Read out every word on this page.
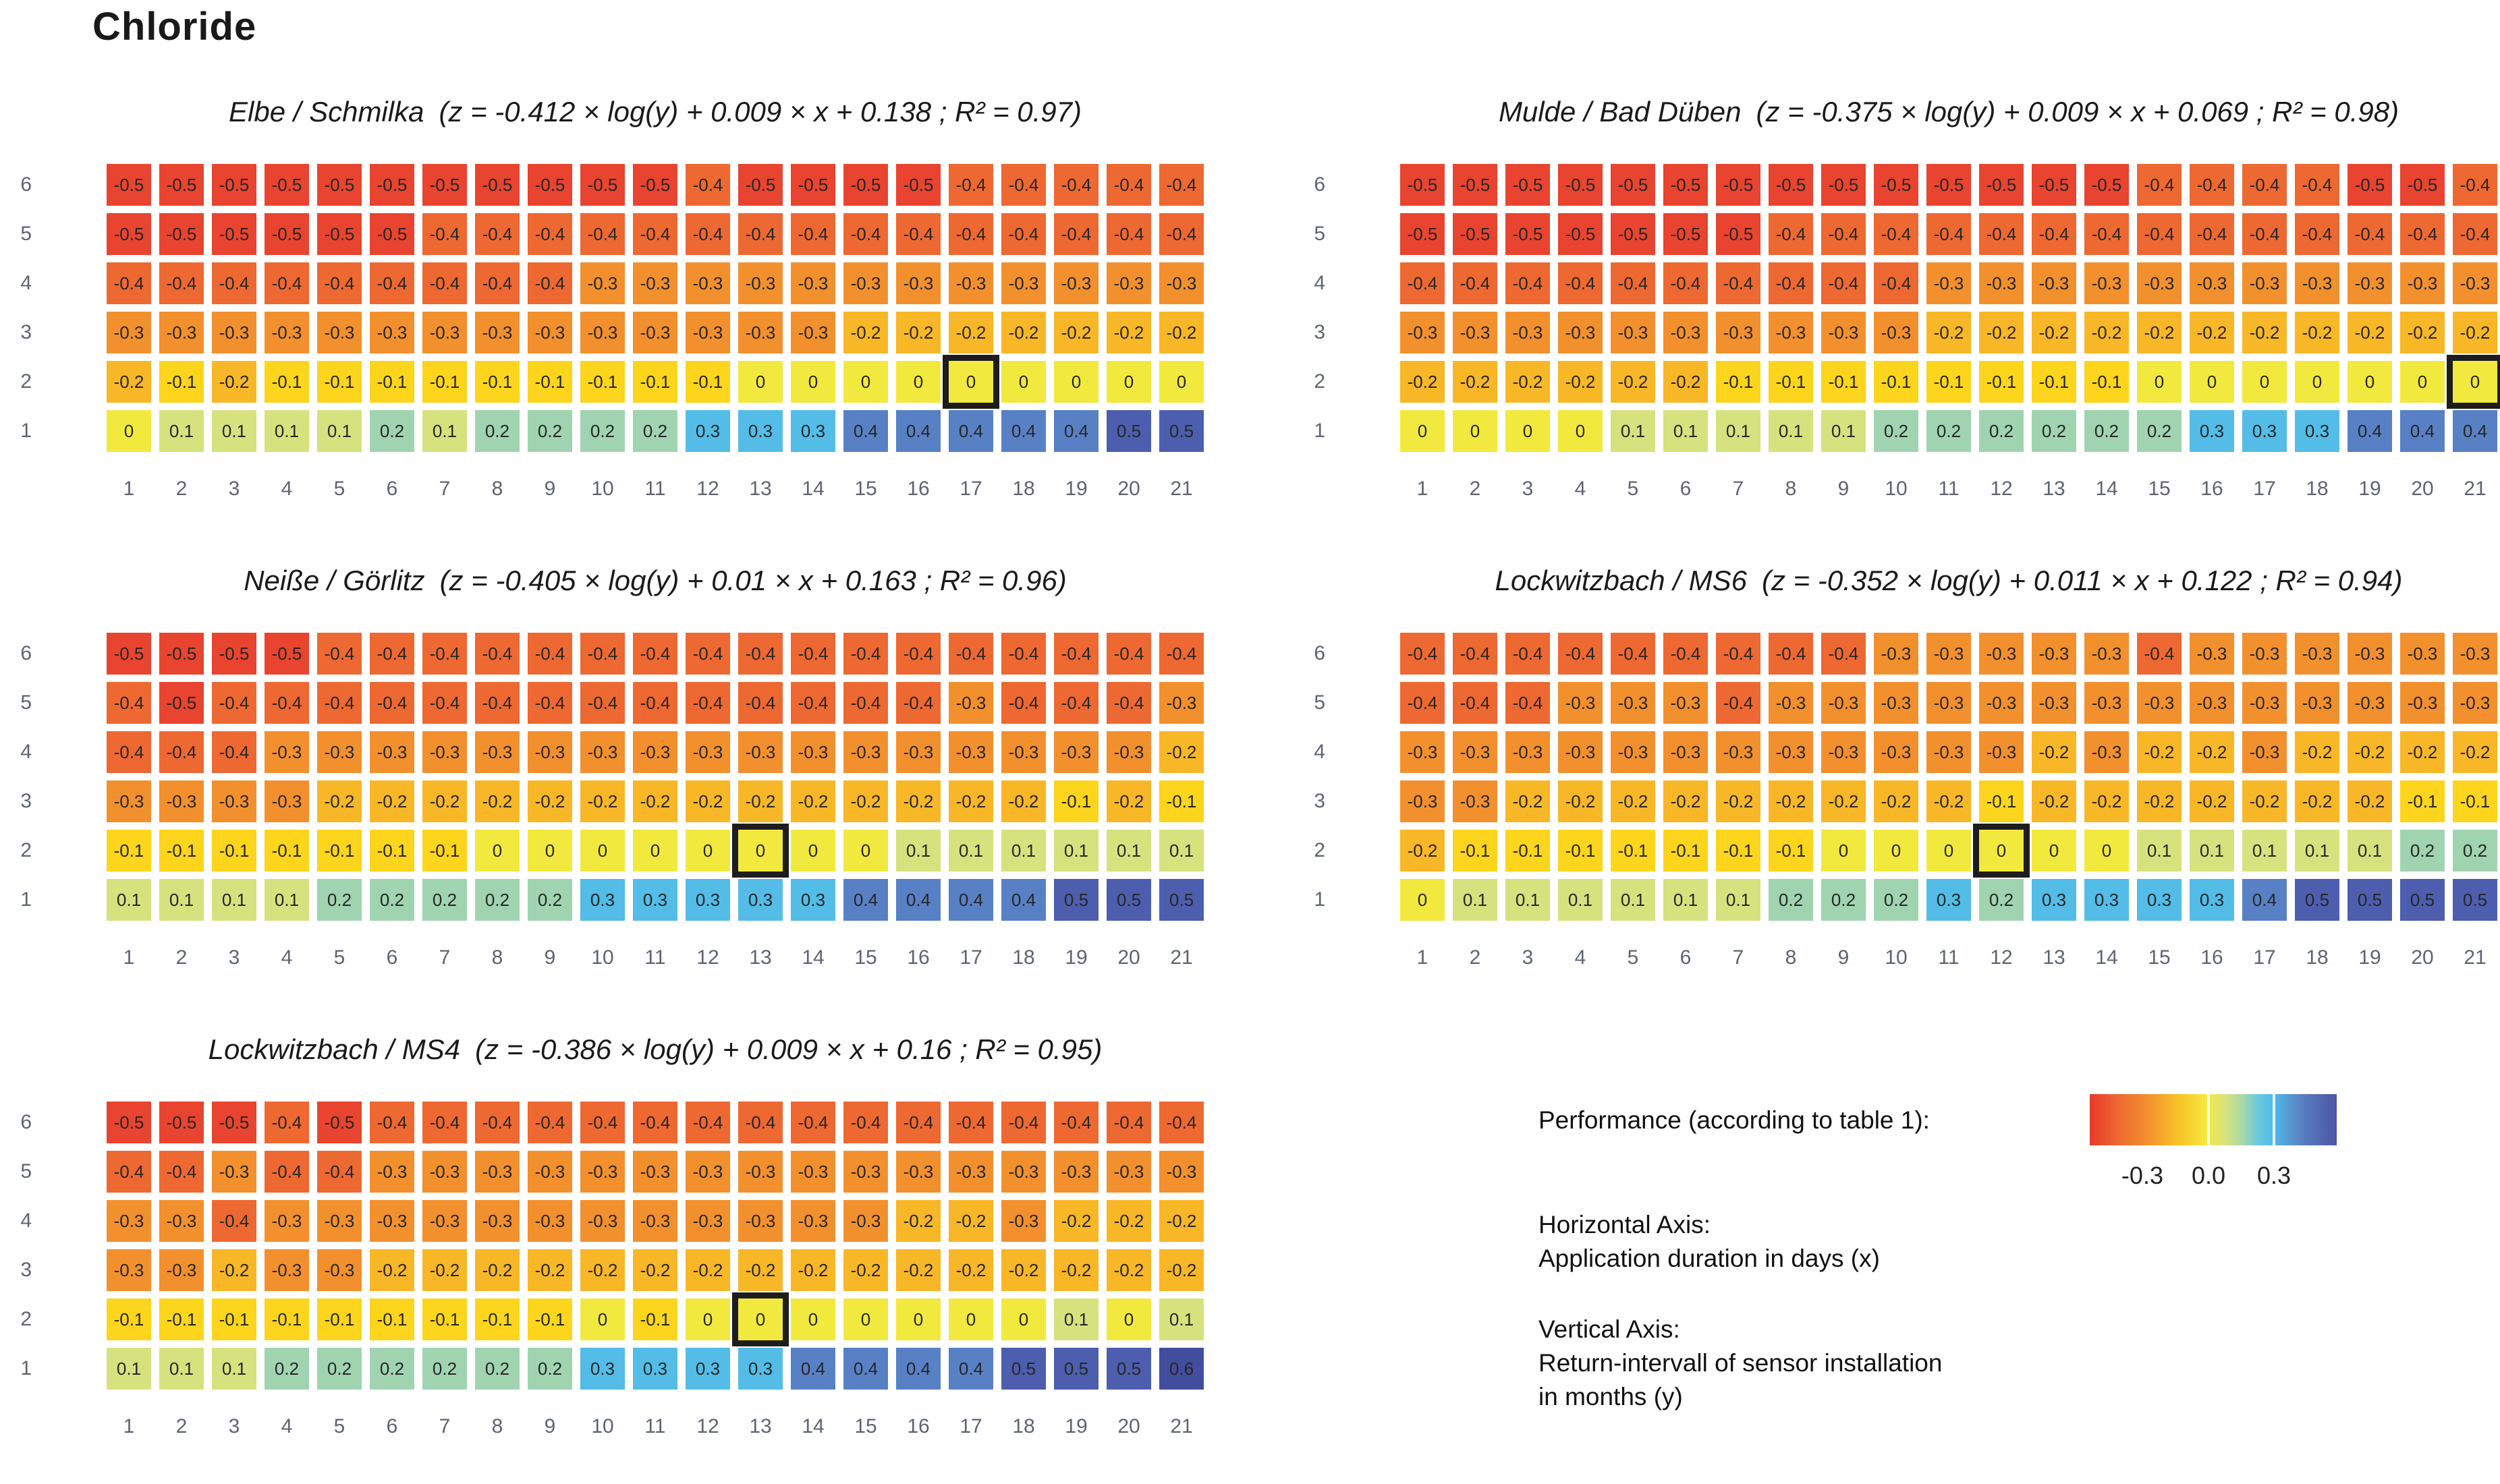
Chloride
Elbe / Schmilka (z = -0.412 × log(y) + 0.009 × x + 0.138 ; R² = 0.97)
6
5
4
3
2
1
-0.5	-0.5	-0.5	-0.5	-0.5	-0.5	-0.5	-0.5	-0.5	-0.5	-0.5	-0.4	-0.5	-0.5	-0.5	-0.5	-0.4	-0.4	-0.4	-0.4	-0.4
-0.5	-0.5	-0.5	-0.5	-0.5	-0.5	-0.4	-0.4	-0.4	-0.4	-0.4	-0.4	-0.4	-0.4	-0.4	-0.4	-0.4	-0.4	-0.4	-0.4	-0.4
-0.4	-0.4	-0.4	-0.4	-0.4	-0.4	-0.4	-0.4	-0.4	-0.3	-0.3	-0.3	-0.3	-0.3	-0.3	-0.3	-0.3	-0.3	-0.3	-0.3	-0.3
-0.3	-0.3	-0.3	-0.3	-0.3	-0.3	-0.3	-0.3	-0.3	-0.3	-0.3	-0.3	-0.3	-0.3	-0.2	-0.2	-0.2	-0.2	-0.2	-0.2	-0.2
-0.2	-0.1	-0.2	-0.1	-0.1	-0.1	-0.1	-0.1	-0.1	-0.1	-0.1	-0.1	0	0	0	0	0	0	0	0	0
0	0.1	0.1	0.1	0.1	0.2	0.1	0.2	0.2	0.2	0.2	0.3	0.3	0.3	0.4	0.4	0.4	0.4	0.4	0.5	0.5
1	2	3	4	5	6	7	8	9	10	11	12	13	14	15	16	17	18	19	20	21
Mulde / Bad Düben (z = -0.375 × log(y) + 0.009 × x + 0.069 ; R² = 0.98)
6
5
4
3
2
1
-0.5	-0.5	-0.5	-0.5	-0.5	-0.5	-0.5	-0.5	-0.5	-0.5	-0.5	-0.5	-0.5	-0.5	-0.4	-0.4	-0.4	-0.4	-0.5	-0.5	-0.4
-0.5	-0.5	-0.5	-0.5	-0.5	-0.5	-0.5	-0.4	-0.4	-0.4	-0.4	-0.4	-0.4	-0.4	-0.4	-0.4	-0.4	-0.4	-0.4	-0.4	-0.4
-0.4	-0.4	-0.4	-0.4	-0.4	-0.4	-0.4	-0.4	-0.4	-0.4	-0.3	-0.3	-0.3	-0.3	-0.3	-0.3	-0.3	-0.3	-0.3	-0.3	-0.3
-0.3	-0.3	-0.3	-0.3	-0.3	-0.3	-0.3	-0.3	-0.3	-0.3	-0.2	-0.2	-0.2	-0.2	-0.2	-0.2	-0.2	-0.2	-0.2	-0.2	-0.2
-0.2	-0.2	-0.2	-0.2	-0.2	-0.2	-0.1	-0.1	-0.1	-0.1	-0.1	-0.1	-0.1	-0.1	0	0	0	0	0	0	0
0	0	0	0	0.1	0.1	0.1	0.1	0.1	0.2	0.2	0.2	0.2	0.2	0.2	0.3	0.3	0.3	0.4	0.4	0.4
1	2	3	4	5	6	7	8	9	10	11	12	13	14	15	16	17	18	19	20	21
Neiße / Görlitz (z = -0.405 × log(y) + 0.01 × x + 0.163 ; R² = 0.96)
6
5
4
3
2
1
-0.5	-0.5	-0.5	-0.5	-0.4	-0.4	-0.4	-0.4	-0.4	-0.4	-0.4	-0.4	-0.4	-0.4	-0.4	-0.4	-0.4	-0.4	-0.4	-0.4	-0.4
-0.4	-0.5	-0.4	-0.4	-0.4	-0.4	-0.4	-0.4	-0.4	-0.4	-0.4	-0.4	-0.4	-0.4	-0.4	-0.4	-0.3	-0.4	-0.4	-0.4	-0.3
-0.4	-0.4	-0.4	-0.3	-0.3	-0.3	-0.3	-0.3	-0.3	-0.3	-0.3	-0.3	-0.3	-0.3	-0.3	-0.3	-0.3	-0.3	-0.3	-0.3	-0.2
-0.3	-0.3	-0.3	-0.3	-0.2	-0.2	-0.2	-0.2	-0.2	-0.2	-0.2	-0.2	-0.2	-0.2	-0.2	-0.2	-0.2	-0.2	-0.1	-0.2	-0.1
-0.1	-0.1	-0.1	-0.1	-0.1	-0.1	-0.1	0	0	0	0	0	0	0	0	0.1	0.1	0.1	0.1	0.1	0.1
0.1	0.1	0.1	0.1	0.2	0.2	0.2	0.2	0.2	0.3	0.3	0.3	0.3	0.3	0.4	0.4	0.4	0.4	0.5	0.5	0.5
1	2	3	4	5	6	7	8	9	10	11	12	13	14	15	16	17	18	19	20	21
Lockwitzbach / MS6 (z = -0.352 × log(y) + 0.011 × x + 0.122 ; R² = 0.94)
6
5
4
3
2
1
-0.4	-0.4	-0.4	-0.4	-0.4	-0.4	-0.4	-0.4	-0.4	-0.3	-0.3	-0.3	-0.3	-0.3	-0.4	-0.3	-0.3	-0.3	-0.3	-0.3	-0.3
-0.4	-0.4	-0.4	-0.3	-0.3	-0.3	-0.4	-0.3	-0.3	-0.3	-0.3	-0.3	-0.3	-0.3	-0.3	-0.3	-0.3	-0.3	-0.3	-0.3	-0.3
-0.3	-0.3	-0.3	-0.3	-0.3	-0.3	-0.3	-0.3	-0.3	-0.3	-0.3	-0.3	-0.2	-0.3	-0.2	-0.2	-0.3	-0.2	-0.2	-0.2	-0.2
-0.3	-0.3	-0.2	-0.2	-0.2	-0.2	-0.2	-0.2	-0.2	-0.2	-0.2	-0.1	-0.2	-0.2	-0.2	-0.2	-0.2	-0.2	-0.2	-0.1	-0.1
-0.2	-0.1	-0.1	-0.1	-0.1	-0.1	-0.1	-0.1	0	0	0	0	0	0	0.1	0.1	0.1	0.1	0.1	0.2	0.2
0	0.1	0.1	0.1	0.1	0.1	0.1	0.2	0.2	0.2	0.3	0.2	0.3	0.3	0.3	0.3	0.4	0.5	0.5	0.5	0.5
1	2	3	4	5	6	7	8	9	10	11	12	13	14	15	16	17	18	19	20	21
Lockwitzbach / MS4 (z = -0.386 × log(y) + 0.009 × x + 0.16 ; R² = 0.95)
6
5
4
3
2
1
-0.5	-0.5	-0.5	-0.4	-0.5	-0.4	-0.4	-0.4	-0.4	-0.4	-0.4	-0.4	-0.4	-0.4	-0.4	-0.4	-0.4	-0.4	-0.4	-0.4	-0.4
-0.4	-0.4	-0.3	-0.4	-0.4	-0.3	-0.3	-0.3	-0.3	-0.3	-0.3	-0.3	-0.3	-0.3	-0.3	-0.3	-0.3	-0.3	-0.3	-0.3	-0.3
-0.3	-0.3	-0.4	-0.3	-0.3	-0.3	-0.3	-0.3	-0.3	-0.3	-0.3	-0.3	-0.3	-0.3	-0.3	-0.2	-0.2	-0.3	-0.2	-0.2	-0.2
-0.3	-0.3	-0.2	-0.3	-0.3	-0.2	-0.2	-0.2	-0.2	-0.2	-0.2	-0.2	-0.2	-0.2	-0.2	-0.2	-0.2	-0.2	-0.2	-0.2	-0.2
-0.1	-0.1	-0.1	-0.1	-0.1	-0.1	-0.1	-0.1	-0.1	0	-0.1	0	0	0	0	0	0	0	0.1	0	0.1
0.1	0.1	0.1	0.2	0.2	0.2	0.2	0.2	0.2	0.3	0.3	0.3	0.3	0.4	0.4	0.4	0.4	0.5	0.5	0.5	0.6
1	2	3	4	5	6	7	8	9	10	11	12	13	14	15	16	17	18	19	20	21
Performance (according to table 1):
-0.3 0.0 0.3
Horizontal Axis:
Application duration in days (x)
Vertical Axis:
Return-intervall of sensor installation
in months (y)
